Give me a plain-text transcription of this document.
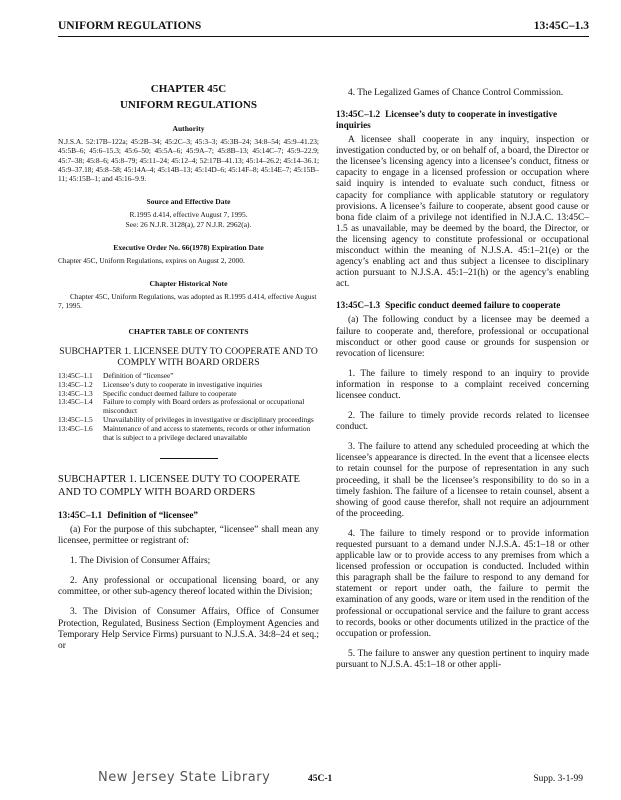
UNIFORM REGULATIONS	13:45C–1.3

CHAPTER 45C

UNIFORM REGULATIONS

Authority

N.J.S.A. 52:17B–122a; 45:2B–34; 45:2C–3; 45:3–3; 45:3B–24; 34:8–54; 45:9–41.23; 45:5B–6; 45:6–15.3; 45:6–50; 45:5A–6; 45:9A–7; 45:8B–13; 45:14C–7; 45:9–22.9; 45:7–38; 45:8–6; 45:8–79; 45:11–24; 45:12–4; 52:17B–41.13; 45:14–26.2; 45:14–36.1; 45:9–37.18; 45:8–58; 45:14A–4; 45:14B–13; 45:14D–6; 45:14F–8; 45:14E–7; 45:15B–11; 45:15B–1; and 45:16–9.9.

Source and Effective Date

R.1995 d.414, effective August 7, 1995.

See: 26 N.J.R. 3128(a), 27 N.J.R. 2962(a).

Executive Order No. 66(1978) Expiration Date

Chapter 45C, Uniform Regulations, expires on August 2, 2000.

Chapter Historical Note

Chapter 45C, Uniform Regulations, was adopted as R.1995 d.414, effective August 7, 1995.

CHAPTER TABLE OF CONTENTS

SUBCHAPTER 1. LICENSEE DUTY TO COOPERATE AND TO COMPLY WITH BOARD ORDERS

13:45C–1.1	Definition of “licensee”
13:45C–1.2	Licensee’s duty to cooperate in investigative inquiries
13:45C–1.3	Specific conduct deemed failure to cooperate
13:45C–1.4	Failure to comply with Board orders as professional or occupational misconduct
13:45C–1.5	Unavailability of privileges in investigative or disciplinary proceedings
13:45C–1.6	Maintenance of and access to statements, records or other information that is subject to a privilege declared unavailable

SUBCHAPTER 1. LICENSEE DUTY TO COOPERATE AND TO COMPLY WITH BOARD ORDERS

13:45C–1.1 Definition of “licensee”

(a) For the purpose of this subchapter, “licensee” shall mean any licensee, permittee or registrant of:

1. The Division of Consumer Affairs;

2. Any professional or occupational licensing board, or any committee, or other sub-agency thereof located within the Division;

3. The Division of Consumer Affairs, Office of Consumer Protection, Regulated, Business Section (Employment Agencies and Temporary Help Service Firms) pursuant to N.J.S.A. 34:8–24 et seq.; or

4. The Legalized Games of Chance Control Commission.

13:45C–1.2 Licensee’s duty to cooperate in investigative inquiries

A licensee shall cooperate in any inquiry, inspection or investigation conducted by, or on behalf of, a board, the Director or the licensee’s licensing agency into a licensee’s conduct, fitness or capacity to engage in a licensed profession or occupation where said inquiry is intended to evaluate such conduct, fitness or capacity for compliance with applicable statutory or regulatory provisions. A licensee’s failure to cooperate, absent good cause or bona fide claim of a privilege not identified in N.J.A.C. 13:45C–1.5 as unavailable, may be deemed by the board, the Director, or the licensing agency to constitute professional or occupational misconduct within the meaning of N.J.S.A. 45:1–21(e) or the agency’s enabling act and thus subject a licensee to disciplinary action pursuant to N.J.S.A. 45:1–21(h) or the agency’s enabling act.

13:45C–1.3 Specific conduct deemed failure to cooperate

(a) The following conduct by a licensee may be deemed a failure to cooperate and, therefore, professional or occupational misconduct or other good cause or grounds for suspension or revocation of licensure:

1. The failure to timely respond to an inquiry to provide information in response to a complaint received concerning licensee conduct.

2. The failure to timely provide records related to licensee conduct.

3. The failure to attend any scheduled proceeding at which the licensee’s appearance is directed. In the event that a licensee elects to retain counsel for the purpose of representation in any such proceeding, it shall be the licensee’s responsibility to do so in a timely fashion. The failure of a licensee to retain counsel, absent a showing of good cause therefor, shall not require an adjournment of the proceeding.

4. The failure to timely respond or to provide information requested pursuant to a demand under N.J.S.A. 45:1–18 or other applicable law or to provide access to any premises from which a licensed profession or occupation is conducted. Included within this paragraph shall be the failure to respond to any demand for statement or report under oath, the failure to permit the examination of any goods, ware or item used in the rendition of the professional or occupational service and the failure to grant access to records, books or other documents utilized in the practice of the occupation or profession.

5. The failure to answer any question pertinent to inquiry made pursuant to N.J.S.A. 45:1–18 or other appli-

New Jersey State Library	45C-1	Supp. 3-1-99
